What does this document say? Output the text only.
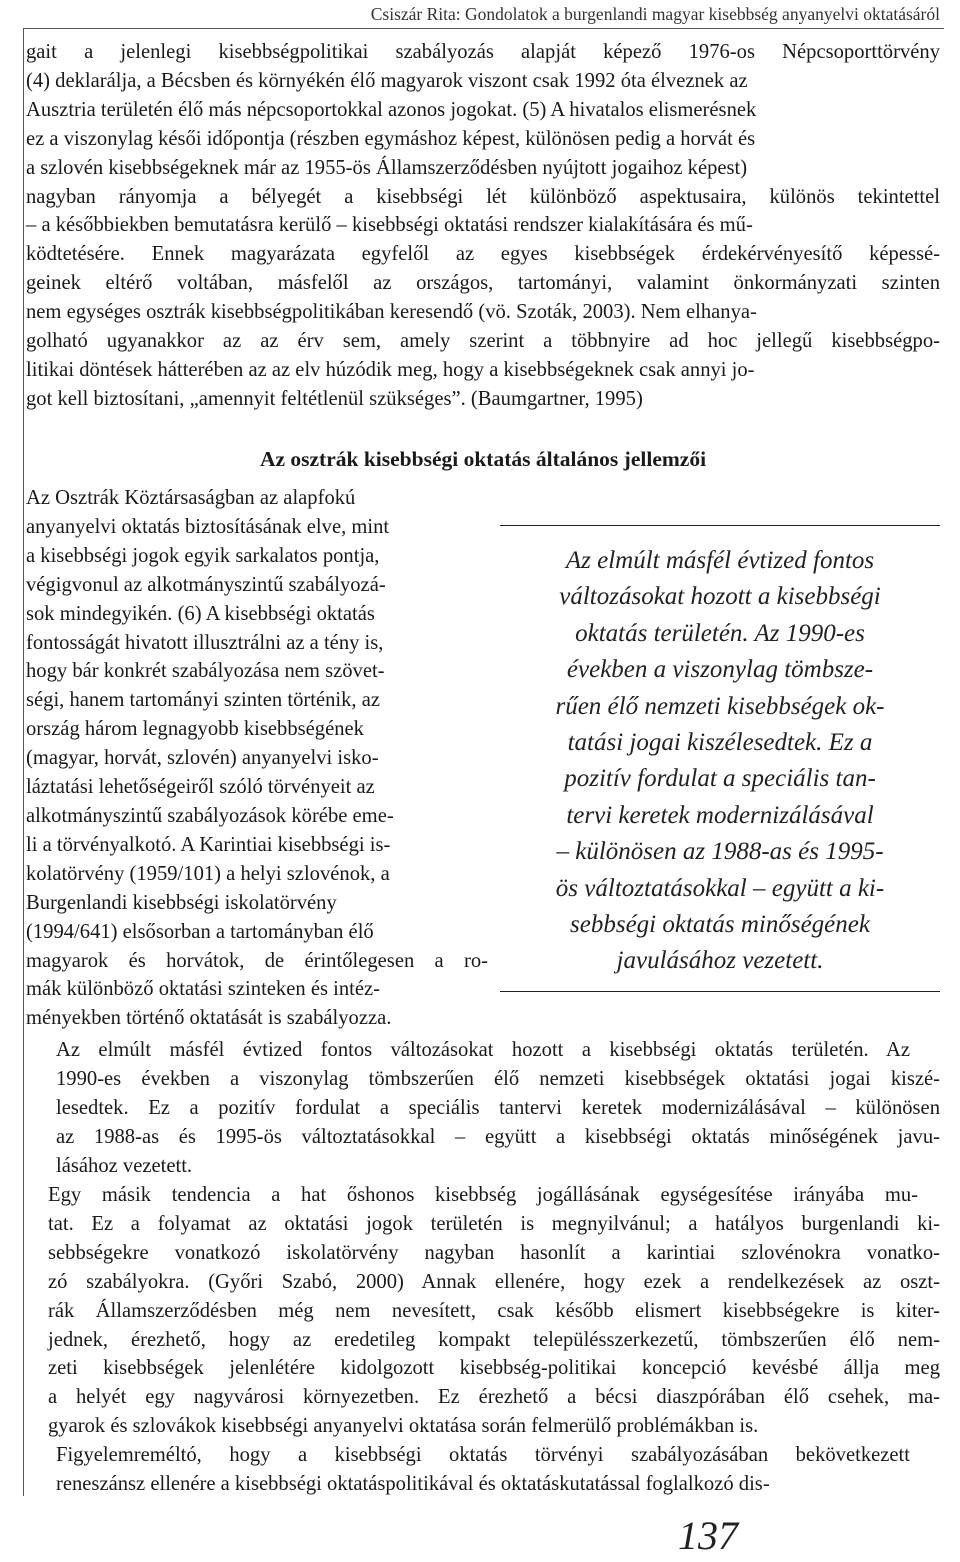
Csiszár Rita: Gondolatok a burgenlandi magyar kisebbség anyanyelvi oktatásáról
gait a jelenlegi kisebbségpolitikai szabályozás alapját képező 1976-os Népcsoporttörvény
(4) deklarálja, a Bécsben és környékén élő magyarok viszont csak 1992 óta élveznek az
Ausztria területén élő más népcsoportokkal azonos jogokat. (5) A hivatalos elismerésnek
ez a viszonylag késői időpontja (részben egymáshoz képest, különösen pedig a horvát és
a szlovén kisebbségeknek már az 1955-ös Államszerződésben nyújtott jogaihoz képest)
nagyban rányomja a bélyegét a kisebbségi lét különböző aspektusaira, különös tekintettel
– a későbbiekben bemutatásra kerülő – kisebbségi oktatási rendszer kialakítására és mű-
ködtetésére. Ennek magyarázata egyfelől az egyes kisebbségek érdekérvényesítő képessé-
geinek eltérő voltában, másfelől az országos, tartományi, valamint önkormányzati szinten
nem egységes osztrák kisebbségpolitikában keresendő (vö. Szoták, 2003). Nem elhanya-
golható ugyanakkor az az érv sem, amely szerint a többnyire ad hoc jellegű kisebbségpo-
litikai döntések hátterében az az elv húzódik meg, hogy a kisebbségeknek csak annyi jo-
got kell biztosítani, „amennyit feltétlenül szükséges”. (Baumgartner, 1995)
Az osztrák kisebbségi oktatás általános jellemzői
Az Osztrák Köztársaságban az alapfokú
anyanyelvi oktatás biztosításának elve, mint
a kisebbségi jogok egyik sarkalatos pontja,
végigvonul az alkotmányszintű szabályozá-
sok mindegyikén. (6) A kisebbségi oktatás
fontosságát hivatott illusztrálni az a tény is,
hogy bár konkrét szabályozása nem szövet-
ségi, hanem tartományi szinten történik, az
ország három legnagyobb kisebbségének
(magyar, horvát, szlovén) anyanyelvi isko-
láztatási lehetőségeiről szóló törvényeit az
alkotmányszintű szabályozások körébe eme-
li a törvényalkotó. A Karintiai kisebbségi is-
kolatörvény (1959/101) a helyi szlovénok, a
Burgenlandi kisebbségi iskolatörvény
(1994/641) elsősorban a tartományban élő
magyarok és horvátok, de érintőlegesen a ro-
mák különböző oktatási szinteken és intéz-
ményekben történő oktatását is szabályozza.
Az elmúlt másfél évtized fontos
változásokat hozott a kisebbségi
oktatás területén. Az 1990-es
években a viszonylag tömbsze-
rűen élő nemzeti kisebbségek ok-
tatási jogai kiszélesedtek. Ez a
pozitív fordulat a speciális tan-
tervi keretek modernizálásával
– különösen az 1988-as és 1995-
ös változtatásokkal – együtt a ki-
sebbségi oktatás minőségének
javulásához vezetett.
Az elmúlt másfél évtized fontos változásokat hozott a kisebbségi oktatás területén. Az
1990-es években a viszonylag tömbszerűen élő nemzeti kisebbségek oktatási jogai kiszé-
lesedtek. Ez a pozitív fordulat a speciális tantervi keretek modernizálásával – különösen
az 1988-as és 1995-ös változtatásokkal – együtt a kisebbségi oktatás minőségének javu-
lásához vezetett.
Egy másik tendencia a hat őshonos kisebbség jogállásának egységesítése irányába mu-
tat. Ez a folyamat az oktatási jogok területén is megnyilvánul; a hatályos burgenlandi ki-
sebbségekre vonatkozó iskolatörvény nagyban hasonlít a karintiai szlovénokra vonatko-
zó szabályokra. (Győri Szabó, 2000) Annak ellenére, hogy ezek a rendelkezések az oszt-
rák Államszerződésben még nem nevesített, csak később elismert kisebbségekre is kiter-
jednek, érezhető, hogy az eredetileg kompakt településszerkezetű, tömbszerűen élő nem-
zeti kisebbségek jelenlétére kidolgozott kisebbség-politikai koncepció kevésbé állja meg
a helyét egy nagyvárosi környezetben. Ez érezhető a bécsi diaszpórában élő csehek, ma-
gyarok és szlovákok kisebbségi anyanyelvi oktatása során felmerülő problémákban is.
Figyelemreméltó, hogy a kisebbségi oktatás törvényi szabályozásában bekövetkezett
reneszánsz ellenére a kisebbségi oktatáspolitikával és oktatáskutatással foglalkozó dis-
137
